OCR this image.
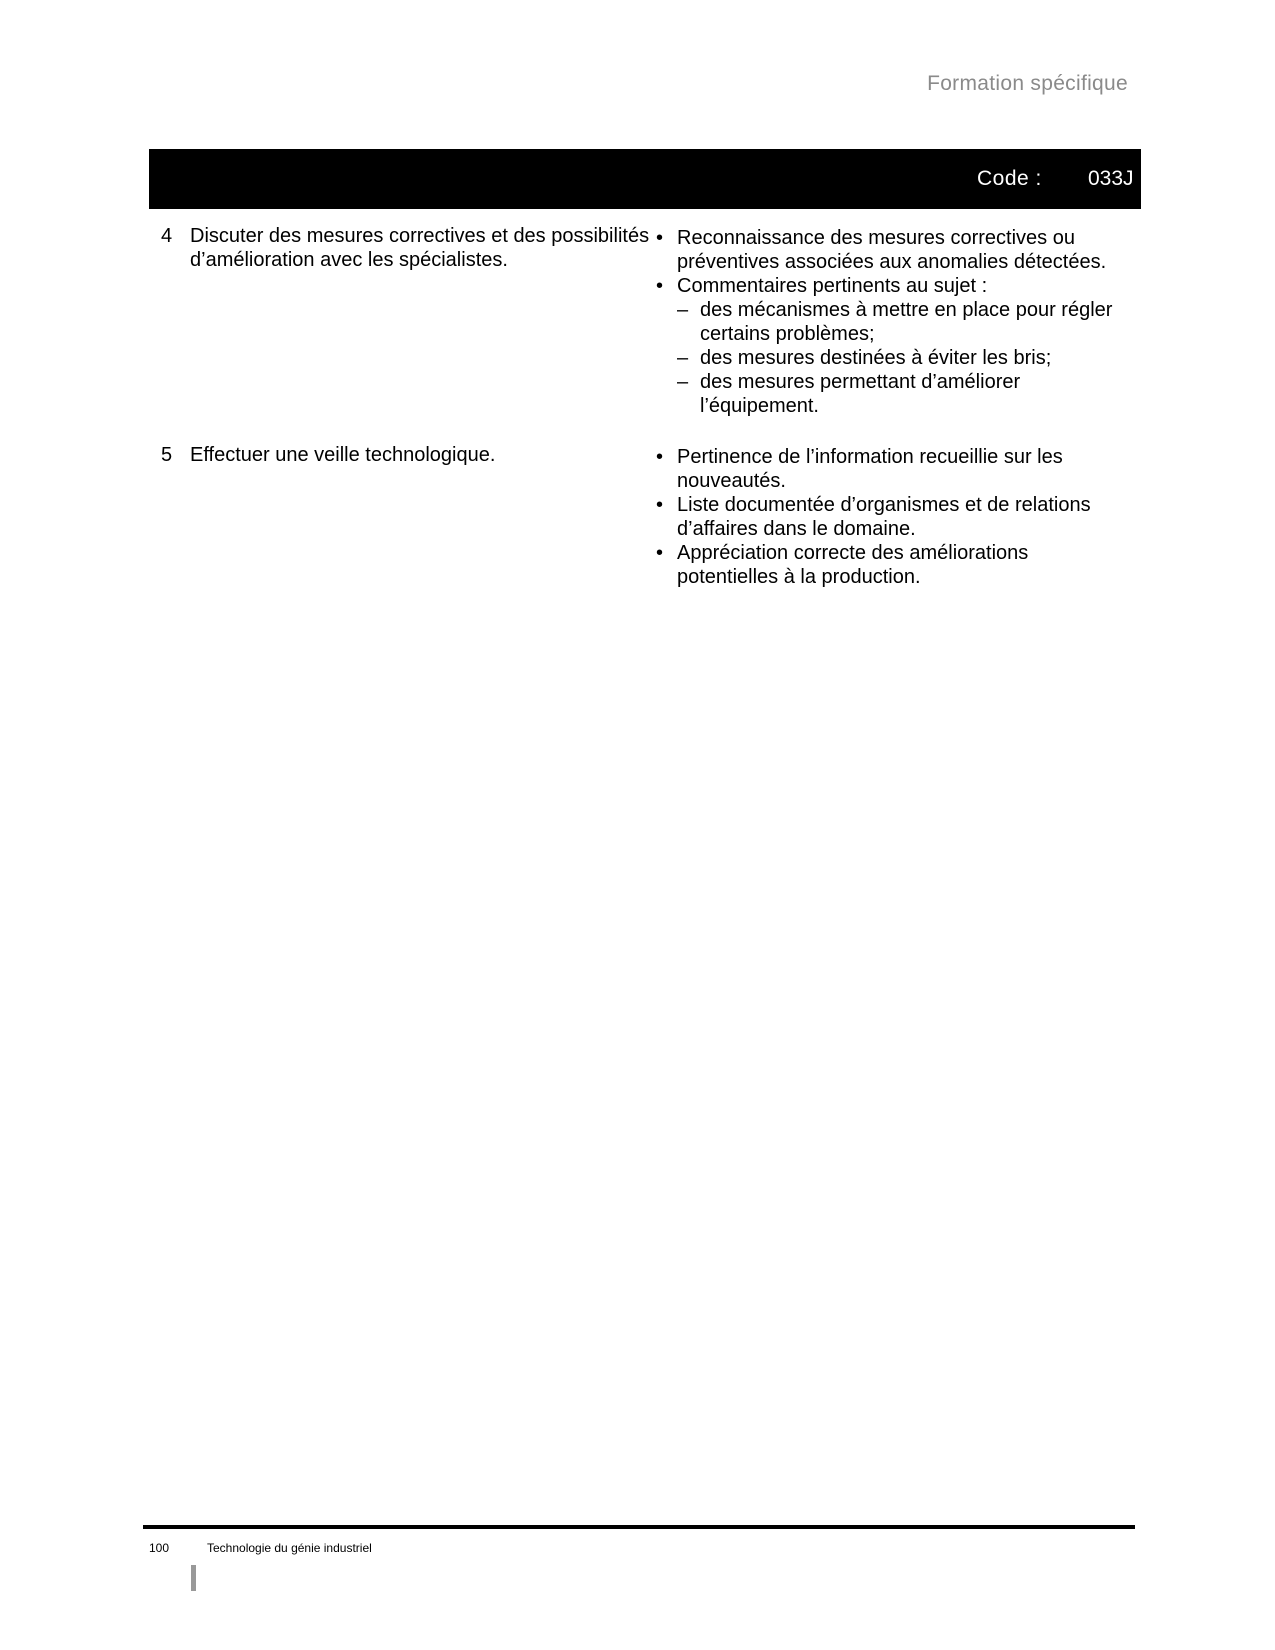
Formation spécifique
Code : 033J
4 Discuter des mesures correctives et des possibilités d’amélioration avec les spécialistes.
• Reconnaissance des mesures correctives ou préventives associées aux anomalies détectées.
• Commentaires pertinents au sujet :
– des mécanismes à mettre en place pour régler certains problèmes;
– des mesures destinées à éviter les bris;
– des mesures permettant d’améliorer l’équipement.
5 Effectuer une veille technologique.
•	Pertinence de l’information recueillie sur les nouveautés.
• Liste documentée d’organismes et de relations d’affaires dans le domaine.
• Appréciation correcte des améliorations potentielles à la production.
100	Technologie du génie industriel
